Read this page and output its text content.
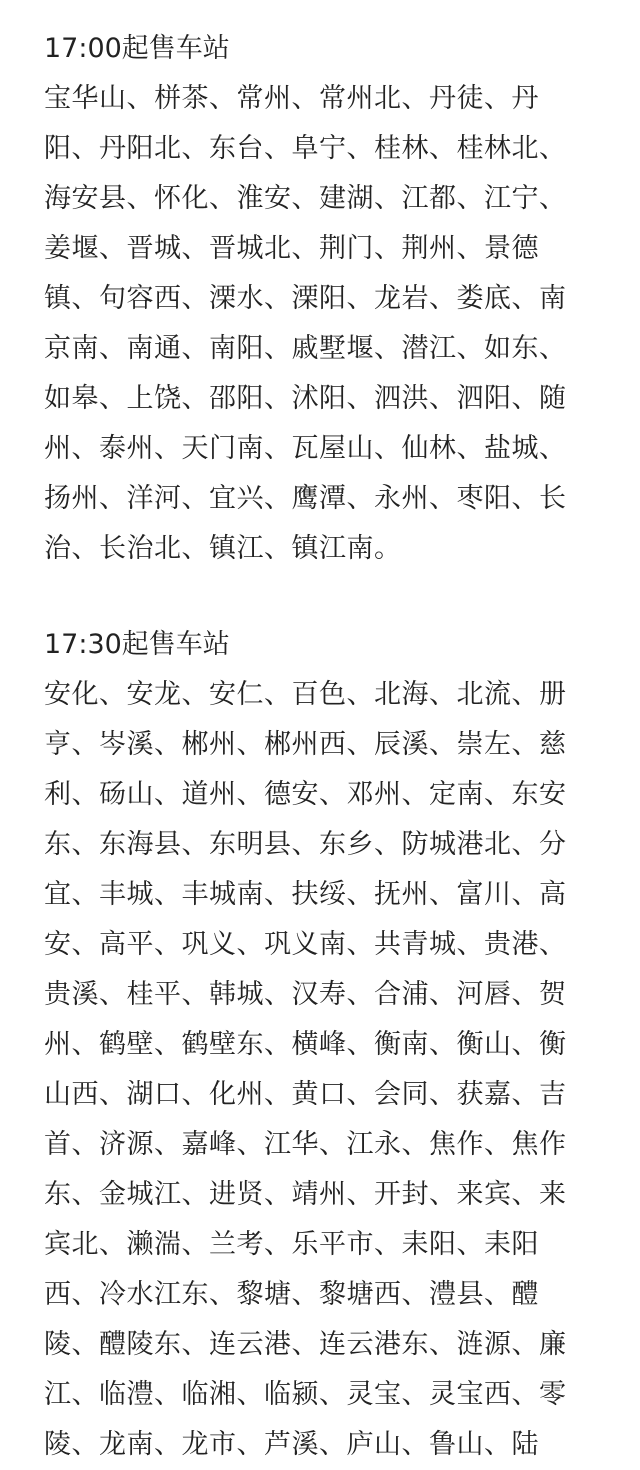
17:00起售车站
宝华山、栟茶、常州、常州北、丹徒、丹
阳、丹阳北、东台、阜宁、桂林、桂林北、
海安县、怀化、淮安、建湖、江都、江宁、
姜堰、晋城、晋城北、荆门、荆州、景德
镇、句容西、溧水、溧阳、龙岩、娄底、南
京南、南通、南阳、戚墅堰、潜江、如东、
如皋、上饶、邵阳、沭阳、泗洪、泗阳、随
州、泰州、天门南、瓦屋山、仙林、盐城、
扬州、洋河、宜兴、鹰潭、永州、枣阳、长
治、长治北、镇江、镇江南。
17:30起售车站
安化、安龙、安仁、百色、北海、北流、册
亨、岑溪、郴州、郴州西、辰溪、崇左、慈
利、砀山、道州、德安、邓州、定南、东安
东、东海县、东明县、东乡、防城港北、分
宜、丰城、丰城南、扶绥、抚州、富川、高
安、高平、巩义、巩义南、共青城、贵港、
贵溪、桂平、韩城、汉寿、合浦、河唇、贺
州、鹤壁、鹤壁东、横峰、衡南、衡山、衡
山西、湖口、化州、黄口、会同、获嘉、吉
首、济源、嘉峰、江华、江永、焦作、焦作
东、金城江、进贤、靖州、开封、来宾、来
宾北、濑湍、兰考、乐平市、耒阳、耒阳
西、冷水江东、黎塘、黎塘西、澧县、醴
陵、醴陵东、连云港、连云港东、涟源、廉
江、临澧、临湘、临颍、灵宝、灵宝西、零
陵、龙南、龙市、芦溪、庐山、鲁山、陆
